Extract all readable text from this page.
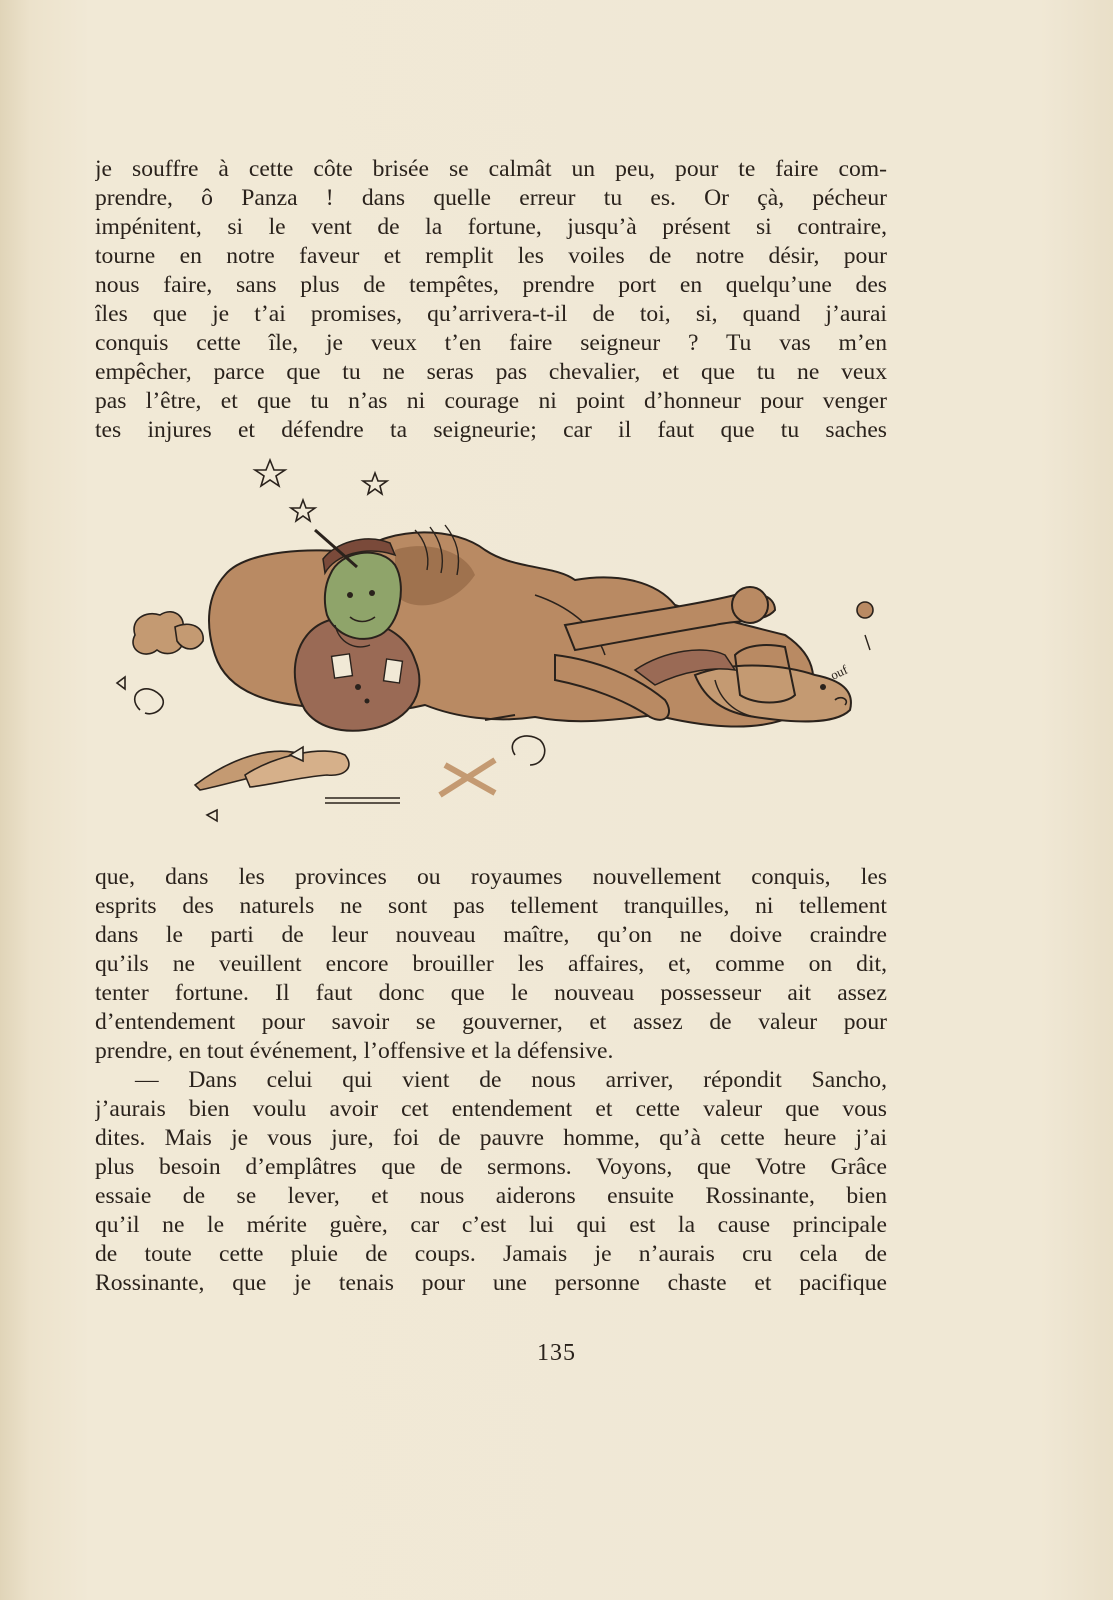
je souffre à cette côte brisée se calmât un peu, pour te faire com-
prendre, ô Panza ! dans quelle erreur tu es. Or çà, pécheur
impénitent, si le vent de la fortune, jusqu’à présent si contraire,
tourne en notre faveur et remplit les voiles de notre désir, pour
nous faire, sans plus de tempêtes, prendre port en quelqu’une des
îles que je t’ai promises, qu’arrivera-t-il de toi, si, quand j’aurai
conquis cette île, je veux t’en faire seigneur ? Tu vas m’en
empêcher, parce que tu ne seras pas chevalier, et que tu ne veux
pas l’être, et que tu n’as ni courage ni point d’honneur pour venger
tes injures et défendre ta seigneurie; car il faut que tu saches
ouf
que, dans les provinces ou royaumes nouvellement conquis, les
esprits des naturels ne sont pas tellement tranquilles, ni tellement
dans le parti de leur nouveau maître, qu’on ne doive craindre
qu’ils ne veuillent encore brouiller les affaires, et, comme on dit,
tenter fortune. Il faut donc que le nouveau possesseur ait assez
d’entendement pour savoir se gouverner, et assez de valeur pour
prendre, en tout événement, l’offensive et la défensive.
— Dans celui qui vient de nous arriver, répondit Sancho,
j’aurais bien voulu avoir cet entendement et cette valeur que vous
dites. Mais je vous jure, foi de pauvre homme, qu’à cette heure j’ai
plus besoin d’emplâtres que de sermons. Voyons, que Votre Grâce
essaie de se lever, et nous aiderons ensuite Rossinante, bien
qu’il ne le mérite guère, car c’est lui qui est la cause principale
de toute cette pluie de coups. Jamais je n’aurais cru cela de
Rossinante, que je tenais pour une personne chaste et pacifique
135
